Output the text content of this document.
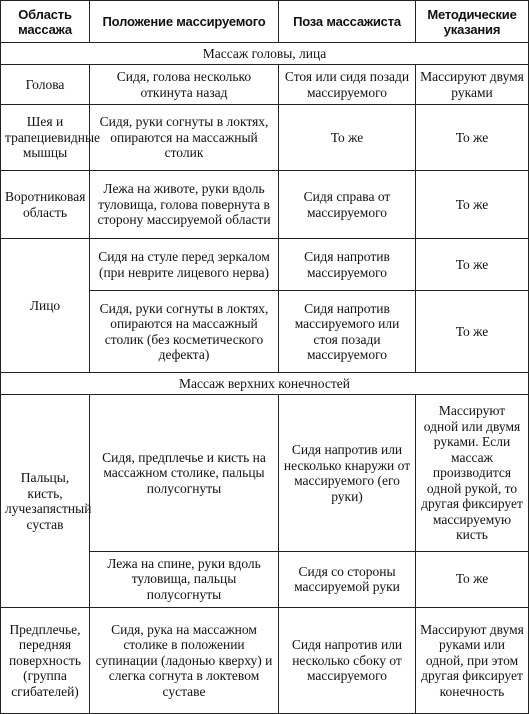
Область массажа	Положение массируемого	Поза массажиста	Методические указания
Массаж головы, лица			
Голова	Сидя, голова несколько откинута назад	Стоя или сидя позади массируемого	Массируют двумя руками
Шея и трапециевидные мышцы	Сидя, руки согнуты в локтях, опираются на массажный столик	То же	То же
Воротниковая область	Лежа на животе, руки вдоль туловища, голова повернута в сторону массируемой области	Сидя справа от массируемого	То же
Лицо	Сидя на стуле перед зеркалом (при неврите лицевого нерва)	Сидя напротив массируемого	То же
	Сидя, руки согнуты в локтях, опираются на массажный столик (без косметического дефекта)	Сидя напротив массируемого или стоя позади массируемого	То же
Массаж верхних конечностей			
Пальцы, кисть, лучезапястный сустав	Сидя, предплечье и кисть на массажном столике, пальцы полусогнуты	Сидя напротив или несколько кнаружи от массируемого (его руки)	Массируют одной или двумя руками. Если массаж производится одной рукой, то другая фиксирует массируемую кисть
	Лежа на спине, руки вдоль туловища, пальцы полусогнуты	Сидя со стороны массируемой руки	То же
Предплечье, передняя поверхность (группа сгибателей)	Сидя, рука на массажном столике в положении супинации (ладонью кверху) и слегка согнута в локтевом суставе	Сидя напротив или несколько сбоку от массируемого	Массируют двумя руками или одной, при этом другая фиксирует конечность
